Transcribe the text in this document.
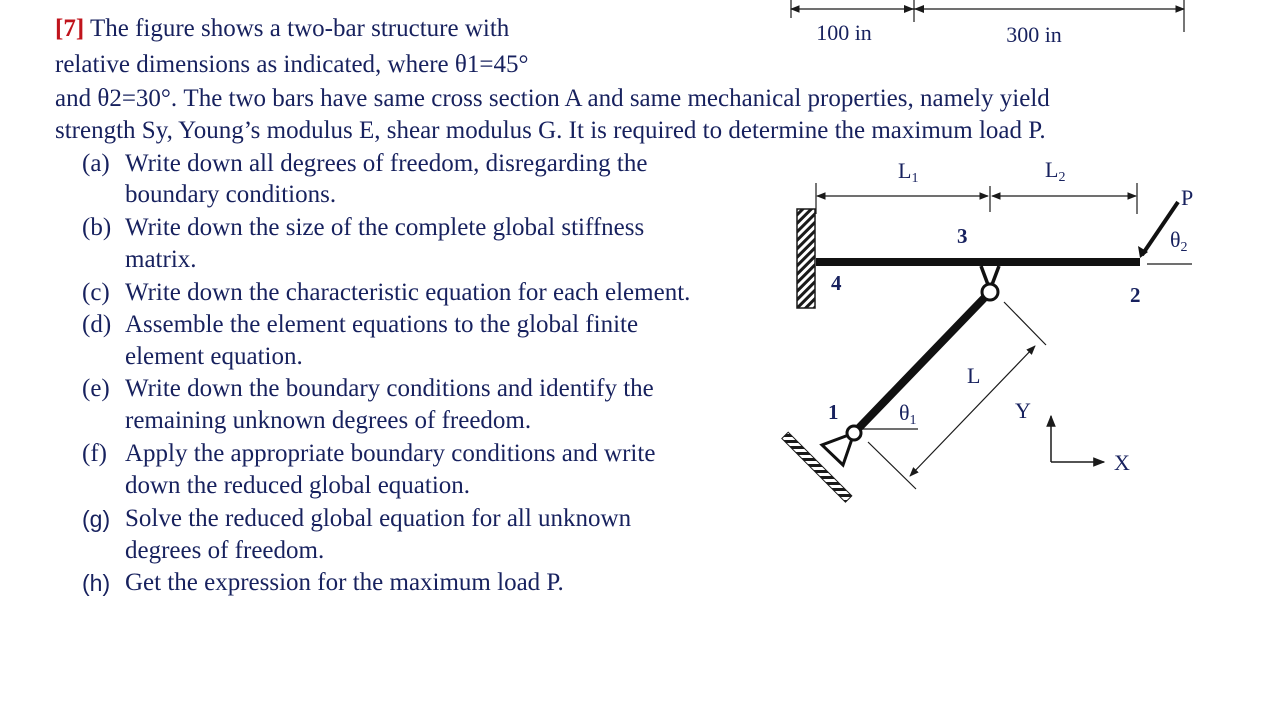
[7] The figure shows a two-bar structure with
relative dimensions as indicated, where θ1=45°
and θ2=30°. The two bars have same cross section A and same mechanical properties, namely yield
strength Sy, Young’s modulus E, shear modulus G. It is required to determine the maximum load P.
(a) Write down all degrees of freedom, disregarding the
boundary conditions.
(b) Write down the size of the complete global stiffness
matrix.
(c) Write down the characteristic equation for each element.
(d) Assemble the element equations to the global finite
element equation.
(e) Write down the boundary conditions and identify the
remaining unknown degrees of freedom.
(f) Apply the appropriate boundary conditions and write
down the reduced global equation.
(g) Solve the reduced global equation for all unknown
degrees of freedom.
(h) Get the expression for the maximum load P.
100 in	300 in
L1	L2
P
θ2
3
4	2
1	θ1
L
Y
X
